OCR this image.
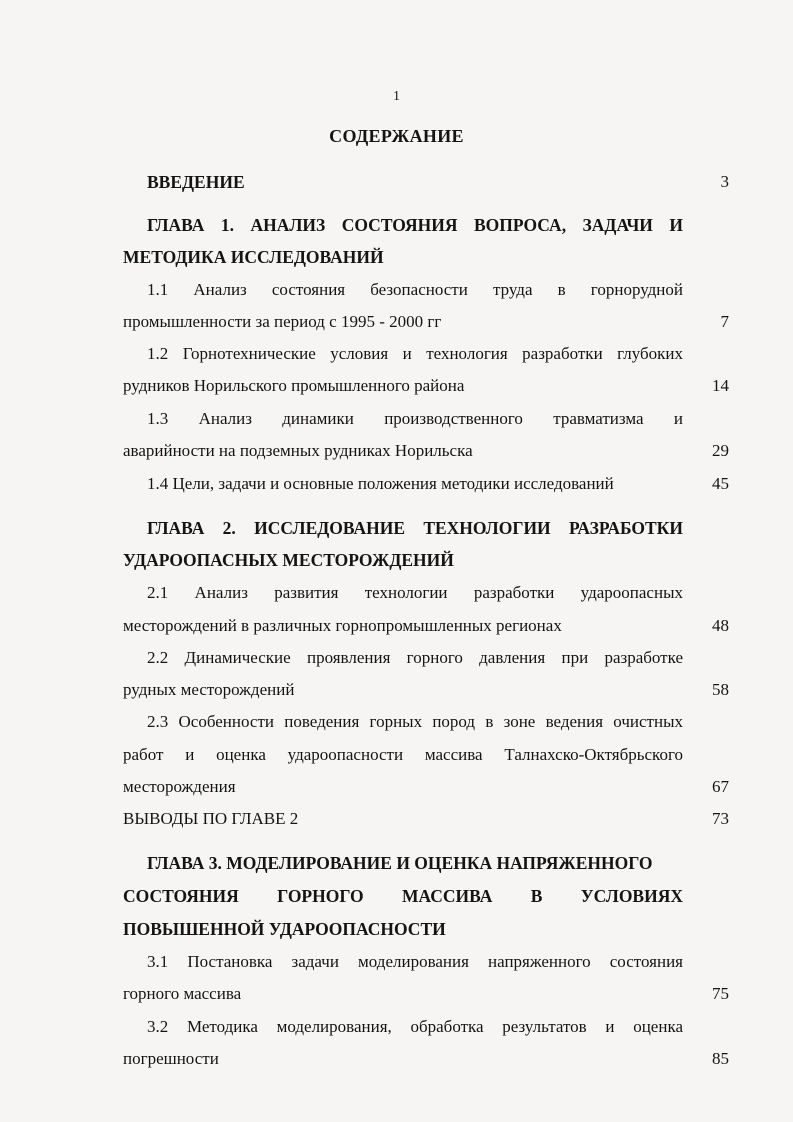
1
СОДЕРЖАНИЕ
ВВЕДЕНИЕ	3
ГЛАВА 1. АНАЛИЗ СОСТОЯНИЯ ВОПРОСА, ЗАДАЧИ И
МЕТОДИКА ИССЛЕДОВАНИЙ
1.1 Анализ состояния безопасности труда в горнорудной
промышленности за период с 1995 - 2000 гг	7
1.2 Горнотехнические условия и технология разработки глубоких
рудников Норильского промышленного района	14
1.3 Анализ динамики производственного травматизма и
аварийности на подземных рудниках Норильска	29
1.4 Цели, задачи и основные положения методики исследований	45
ГЛАВА 2. ИССЛЕДОВАНИЕ ТЕХНОЛОГИИ РАЗРАБОТКИ
УДАРООПАСНЫХ МЕСТОРОЖДЕНИЙ
2.1 Анализ развития технологии разработки удароопасных
месторождений в различных горнопромышленных регионах	48
2.2 Динамические проявления горного давления при разработке
рудных месторождений	58
2.3 Особенности поведения горных пород в зоне ведения очистных
работ и оценка удароопасности массива Талнахско-Октябрьского
месторождения	67
ВЫВОДЫ ПО ГЛАВЕ 2	73
ГЛАВА 3. МОДЕЛИРОВАНИЕ И ОЦЕНКА НАПРЯЖЕННОГО
СОСТОЯНИЯ ГОРНОГО МАССИВА В УСЛОВИЯХ
ПОВЫШЕННОЙ УДАРООПАСНОСТИ
3.1 Постановка задачи моделирования напряженного состояния
горного массива	75
3.2 Методика моделирования, обработка результатов и оценка
погрешности	85
